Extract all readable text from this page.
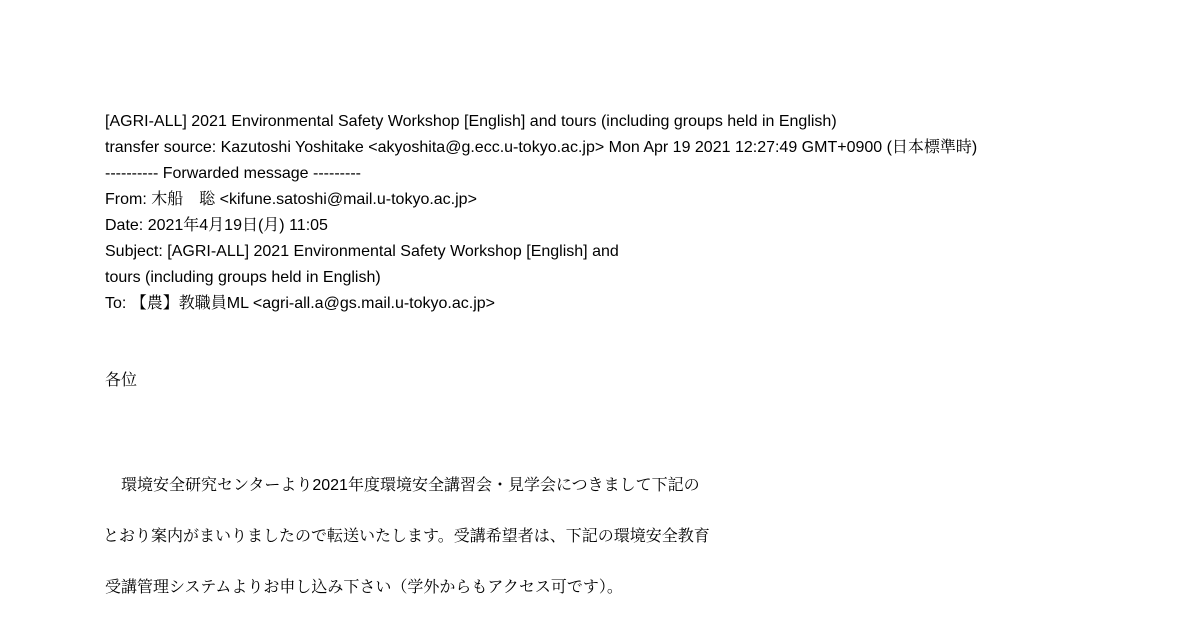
[AGRI-ALL] 2021 Environmental Safety Workshop [English] and tours (including groups held in English)
transfer source: Kazutoshi Yoshitake <akyoshita@g.ecc.u-tokyo.ac.jp> Mon Apr 19 2021 12:27:49 GMT+0900 (日本標準時)
---------- Forwarded message ---------
From: 木船　聡 <kifune.satoshi@mail.u-tokyo.ac.jp>
Date: 2021年4月19日(月) 11:05
Subject: [AGRI-ALL] 2021 Environmental Safety Workshop [English] and
tours (including groups held in English)
To: 【農】教職員ML <agri-all.a@gs.mail.u-tokyo.ac.jp>
各位
　環境安全研究センターより2021年度環境安全講習会・見学会につきまして下記の
とおり案内がまいりましたので転送いたします。受講希望者は、下記の環境安全教育
受講管理システムよりお申し込み下さい（学外からもアクセス可です）。
